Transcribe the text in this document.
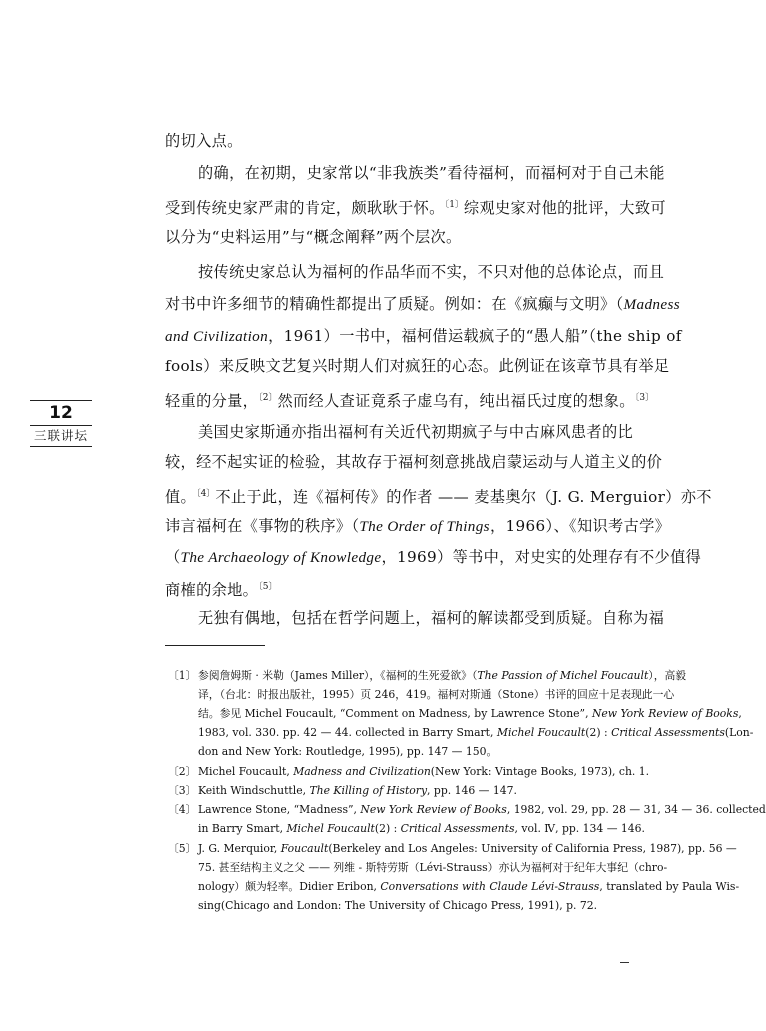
12
三联讲坛
的切入点。
的确，在初期，史家常以“非我族类”看待福柯，而福柯对于自己未能
受到传统史家严肃的肯定，颇耿耿于怀。$^{〔1〕}$综观史家对他的批评，大致可
以分为“史料运用”与“概念阐释”两个层次。
按传统史家总认为福柯的作品华而不实，不只对他的总体论点，而且
对书中许多细节的精确性都提出了质疑。例如：在《疯癫与文明》（Madness
and Civilization，1961）一书中，福柯借运载疯子的“愚人船”（the ship of
fools）来反映文艺复兴时期人们对疯狂的心态。此例证在该章节具有举足
轻重的分量，$^{〔2〕}$然而经人查证竟系子虚乌有，纯出福氏过度的想象。$^{〔3〕}$
美国史家斯通亦指出福柯有关近代初期疯子与中古麻风患者的比
较，经不起实证的检验，其故存于福柯刻意挑战启蒙运动与人道主义的价
值。$^{〔4〕}$不止于此，连《福柯传》的作者 —— 麦基奥尔（J. G. Merguior）亦不
讳言福柯在《事物的秩序》（The Order of Things，1966）、《知识考古学》
（The Archaeology of Knowledge，1969）等书中，对史实的处理存有不少值得
商榷的余地。$^{〔5〕}$
无独有偶地，包括在哲学问题上，福柯的解读都受到质疑。自称为福
〔1〕 参阅詹姆斯 · 米勒（James Miller），《福柯的生死爱欲》（The Passion of Michel Foucault），高毅
译，（台北：时报出版社，1995）页 246，419。福柯对斯通（Stone）书评的回应十足表现此一心
结。参见 Michel Foucault, “Comment on Madness, by Lawrence Stone”, New York Review of Books,
1983, vol. 330. pp. 42 — 44. collected in Barry Smart, Michel Foucault(2) : Critical Assessments(Lon-
don and New York: Routledge, 1995), pp. 147 — 150。
〔2〕 Michel Foucault, Madness and Civilization(New York: Vintage Books, 1973), ch. 1.
〔3〕 Keith Windschuttle, The Killing of History, pp. 146 — 147.
〔4〕 Lawrence Stone, “Madness”, New York Review of Books, 1982, vol. 29, pp. 28 — 31, 34 — 36. collected
in Barry Smart, Michel Foucault(2) : Critical Assessments, vol. Ⅳ, pp. 134 — 146.
〔5〕 J. G. Merquior, Foucault(Berkeley and Los Angeles: University of California Press, 1987), pp. 56 —
75. 甚至结构主义之父 —— 列维 - 斯特劳斯（Lévi-Strauss）亦认为福柯对于纪年大事纪（chro-
nology）颇为轻率。Didier Eribon, Conversations with Claude Lévi-Strauss, translated by Paula Wis-
sing(Chicago and London: The University of Chicago Press, 1991), p. 72.
